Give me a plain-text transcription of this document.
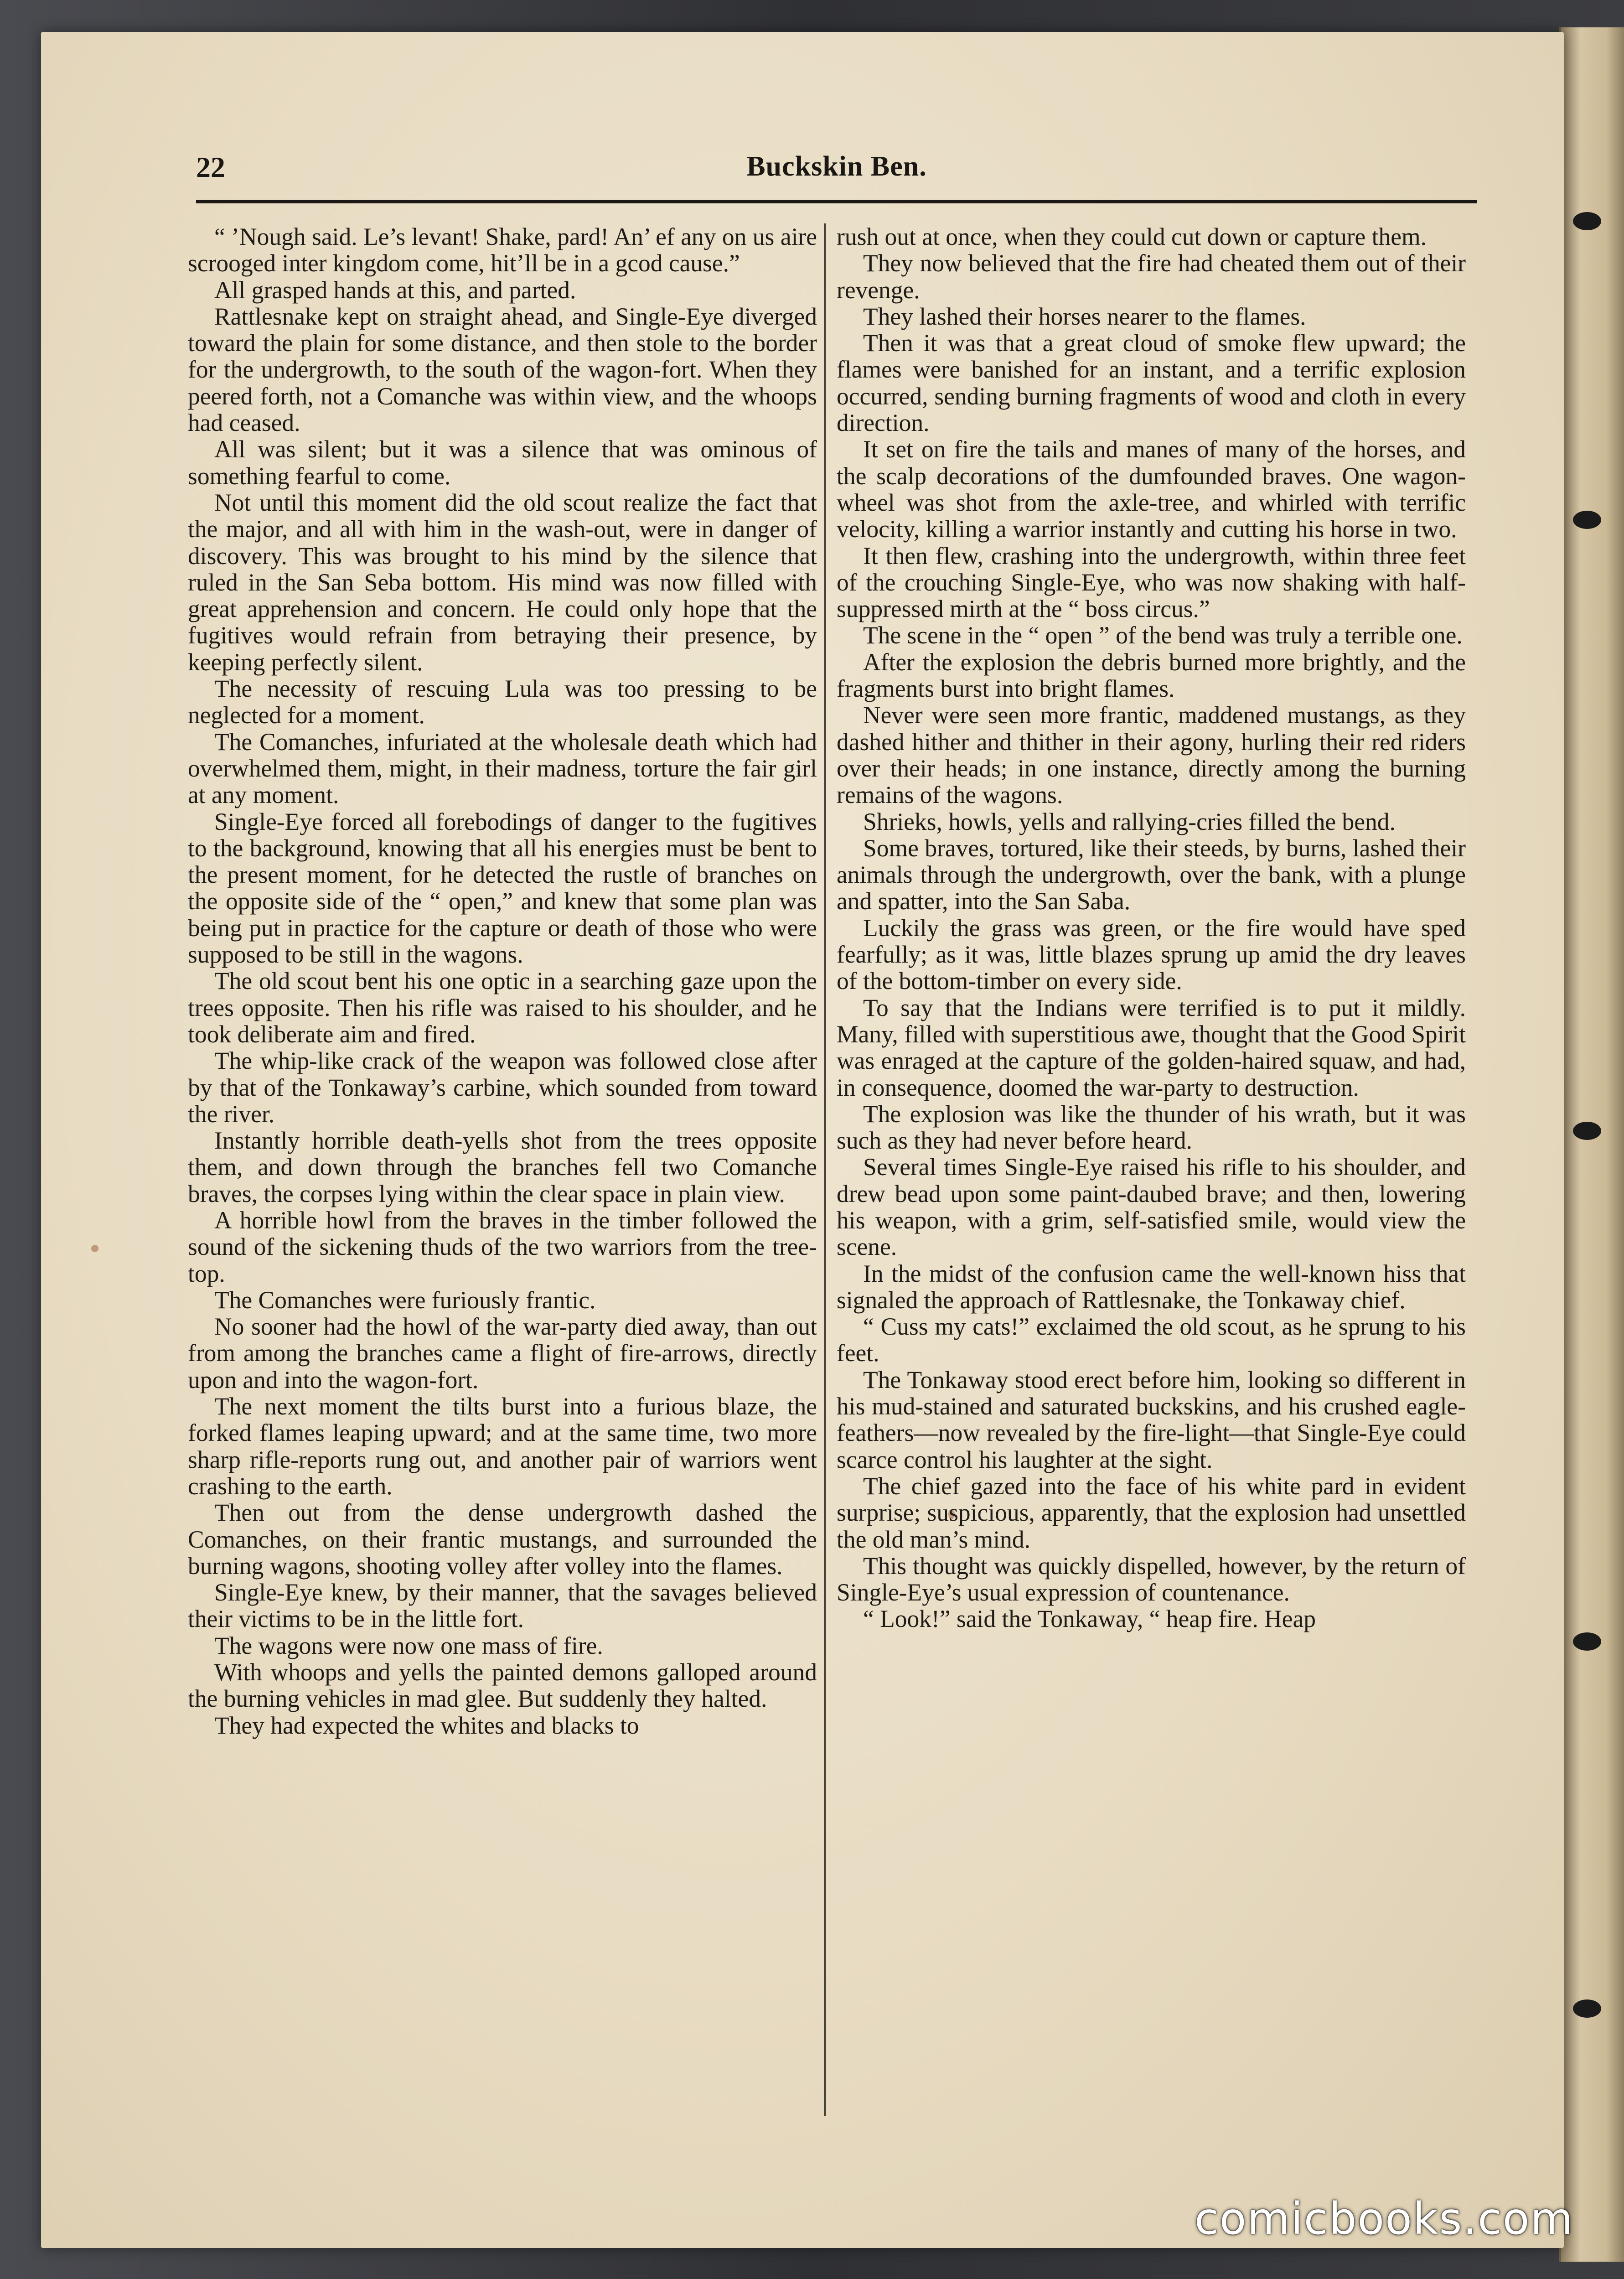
22	Buckskin Ben.

“ ’Nough said. Le’s levant! Shake, pard! An’ ef any on us aire scrooged inter kingdom come, hit’ll be in a gcod cause.”

All grasped hands at this, and parted.

Rattlesnake kept on straight ahead, and Single-Eye diverged toward the plain for some distance, and then stole to the border for the undergrowth, to the south of the wagon-fort. When they peered forth, not a Comanche was within view, and the whoops had ceased.

All was silent; but it was a silence that was ominous of something fearful to come.

Not until this moment did the old scout realize the fact that the major, and all with him in the wash-out, were in danger of discovery. This was brought to his mind by the silence that ruled in the San Seba bottom. His mind was now filled with great apprehension and concern. He could only hope that the fugitives would refrain from betraying their presence, by keeping perfectly silent.

The necessity of rescuing Lula was too pressing to be neglected for a moment.

The Comanches, infuriated at the wholesale death which had overwhelmed them, might, in their madness, torture the fair girl at any moment.

Single-Eye forced all forebodings of danger to the fugitives to the background, knowing that all his energies must be bent to the present moment, for he detected the rustle of branches on the opposite side of the “ open,” and knew that some plan was being put in practice for the capture or death of those who were supposed to be still in the wagons.

The old scout bent his one optic in a searching gaze upon the trees opposite. Then his rifle was raised to his shoulder, and he took deliberate aim and fired.

The whip-like crack of the weapon was followed close after by that of the Tonkaway’s carbine, which sounded from toward the river.

Instantly horrible death-yells shot from the trees opposite them, and down through the branches fell two Comanche braves, the corpses lying within the clear space in plain view.

A horrible howl from the braves in the timber followed the sound of the sickening thuds of the two warriors from the tree-top.

The Comanches were furiously frantic.

No sooner had the howl of the war-party died away, than out from among the branches came a flight of fire-arrows, directly upon and into the wagon-fort.

The next moment the tilts burst into a furious blaze, the forked flames leaping upward; and at the same time, two more sharp rifle-reports rung out, and another pair of warriors went crashing to the earth.

Then out from the dense undergrowth dashed the Comanches, on their frantic mustangs, and surrounded the burning wagons, shooting volley after volley into the flames.

Single-Eye knew, by their manner, that the savages believed their victims to be in the little fort.

The wagons were now one mass of fire.

With whoops and yells the painted demons galloped around the burning vehicles in mad glee. But suddenly they halted.

They had expected the whites and blacks to

rush out at once, when they could cut down or capture them.

They now believed that the fire had cheated them out of their revenge.

They lashed their horses nearer to the flames.

Then it was that a great cloud of smoke flew upward; the flames were banished for an instant, and a terrific explosion occurred, sending burning fragments of wood and cloth in every direction.

It set on fire the tails and manes of many of the horses, and the scalp decorations of the dumfounded braves. One wagon-wheel was shot from the axle-tree, and whirled with terrific velocity, killing a warrior instantly and cutting his horse in two.

It then flew, crashing into the undergrowth, within three feet of the crouching Single-Eye, who was now shaking with half-suppressed mirth at the “ boss circus.”

The scene in the “ open ” of the bend was truly a terrible one.

After the explosion the debris burned more brightly, and the fragments burst into bright flames.

Never were seen more frantic, maddened mustangs, as they dashed hither and thither in their agony, hurling their red riders over their heads; in one instance, directly among the burning remains of the wagons.

Shrieks, howls, yells and rallying-cries filled the bend.

Some braves, tortured, like their steeds, by burns, lashed their animals through the undergrowth, over the bank, with a plunge and spatter, into the San Saba.

Luckily the grass was green, or the fire would have sped fearfully; as it was, little blazes sprung up amid the dry leaves of the bottom-timber on every side.

To say that the Indians were terrified is to put it mildly. Many, filled with superstitious awe, thought that the Good Spirit was enraged at the capture of the golden-haired squaw, and had, in consequence, doomed the war-party to destruction.

The explosion was like the thunder of his wrath, but it was such as they had never before heard.

Several times Single-Eye raised his rifle to his shoulder, and drew bead upon some paint-daubed brave; and then, lowering his weapon, with a grim, self-satisfied smile, would view the scene.

In the midst of the confusion came the well-known hiss that signaled the approach of Rattlesnake, the Tonkaway chief.

“ Cuss my cats!” exclaimed the old scout, as he sprung to his feet.

The Tonkaway stood erect before him, looking so different in his mud-stained and saturated buckskins, and his crushed eagle-feathers—now revealed by the fire-light—that Single-Eye could scarce control his laughter at the sight.

The chief gazed into the face of his white pard in evident surprise; suspicious, apparently, that the explosion had unsettled the old man’s mind.

This thought was quickly dispelled, however, by the return of Single-Eye’s usual expression of countenance.

“ Look!” said the Tonkaway, “ heap fire. Heap

comicbooks.com
